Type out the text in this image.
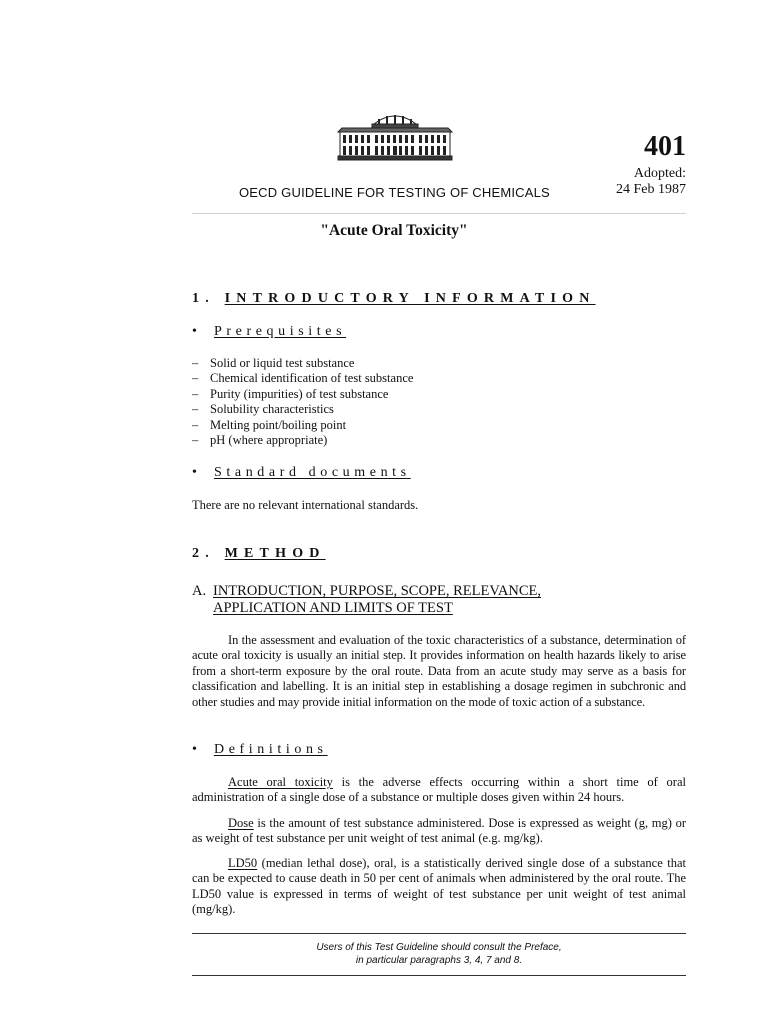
401
Adopted:
24 Feb 1987
OECD GUIDELINE FOR TESTING OF CHEMICALS
"Acute Oral Toxicity"
1. INTRODUCTORY INFORMATION
• Prerequisites
– Solid or liquid test substance
– Chemical identification of test substance
– Purity (impurities) of test substance
– Solubility characteristics
– Melting point/boiling point
– pH (where appropriate)
• Standard documents
There are no relevant international standards.
2. METHOD
A. INTRODUCTION, PURPOSE, SCOPE, RELEVANCE,
APPLICATION AND LIMITS OF TEST

In the assessment and evaluation of the toxic characteristics of a substance, determination of acute oral toxicity is usually an initial step. It provides information on health hazards likely to arise from a short-term exposure by the oral route. Data from an acute study may serve as a basis for classification and labelling. It is an initial step in establishing a dosage regimen in subchronic and other studies and may provide initial information on the mode of toxic action of a substance.

• Definitions

Acute oral toxicity is the adverse effects occurring within a short time of oral administration of a single dose of a substance or multiple doses given within 24 hours.

Dose is the amount of test substance administered. Dose is expressed as weight (g, mg) or as weight of test substance per unit weight of test animal (e.g. mg/kg).

LD50 (median lethal dose), oral, is a statistically derived single dose of a substance that can be expected to cause death in 50 per cent of animals when administered by the oral route. The LD50 value is expressed in terms of weight of test substance per unit weight of test animal (mg/kg).

Users of this Test Guideline should consult the Preface,
in particular paragraphs 3, 4, 7 and 8.
